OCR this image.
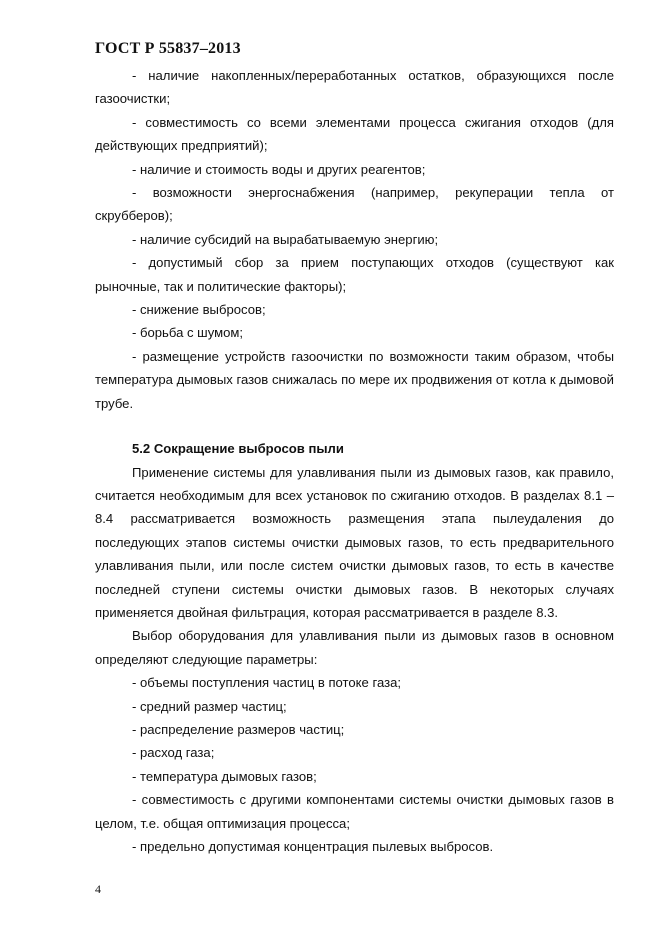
ГОСТ Р 55837–2013

- наличие накопленных/переработанных остатков, образующихся после газоочистки;

- совместимость со всеми элементами процесса сжигания отходов (для действующих предприятий);

- наличие и стоимость воды и других реагентов;

- возможности энергоснабжения (например, рекуперации тепла от скрубберов);

- наличие субсидий на вырабатываемую энергию;

- допустимый сбор за прием поступающих отходов (существуют как рыночные, так и политические факторы);

- снижение выбросов;

- борьба с шумом;

- размещение устройств газоочистки по возможности таким образом, чтобы температура дымовых газов снижалась по мере их продвижения от котла к дымовой трубе.

5.2 Сокращение выбросов пыли

Применение системы для улавливания пыли из дымовых газов, как правило, считается необходимым для всех установок по сжиганию отходов. В разделах 8.1 – 8.4 рассматривается возможность размещения этапа пылеудаления до последующих этапов системы очистки дымовых газов, то есть предварительного улавливания пыли, или после систем очистки дымовых газов, то есть в качестве последней ступени системы очистки дымовых газов. В некоторых случаях применяется двойная фильтрация, которая рассматривается в разделе 8.3.

Выбор оборудования для улавливания пыли из дымовых газов в основном определяют следующие параметры:

- объемы поступления частиц в потоке газа;

- средний размер частиц;

- распределение размеров частиц;

- расход газа;

- температура дымовых газов;

- совместимость с другими компонентами системы очистки дымовых газов в целом, т.е. общая оптимизация процесса;

- предельно допустимая концентрация пылевых выбросов.

4
